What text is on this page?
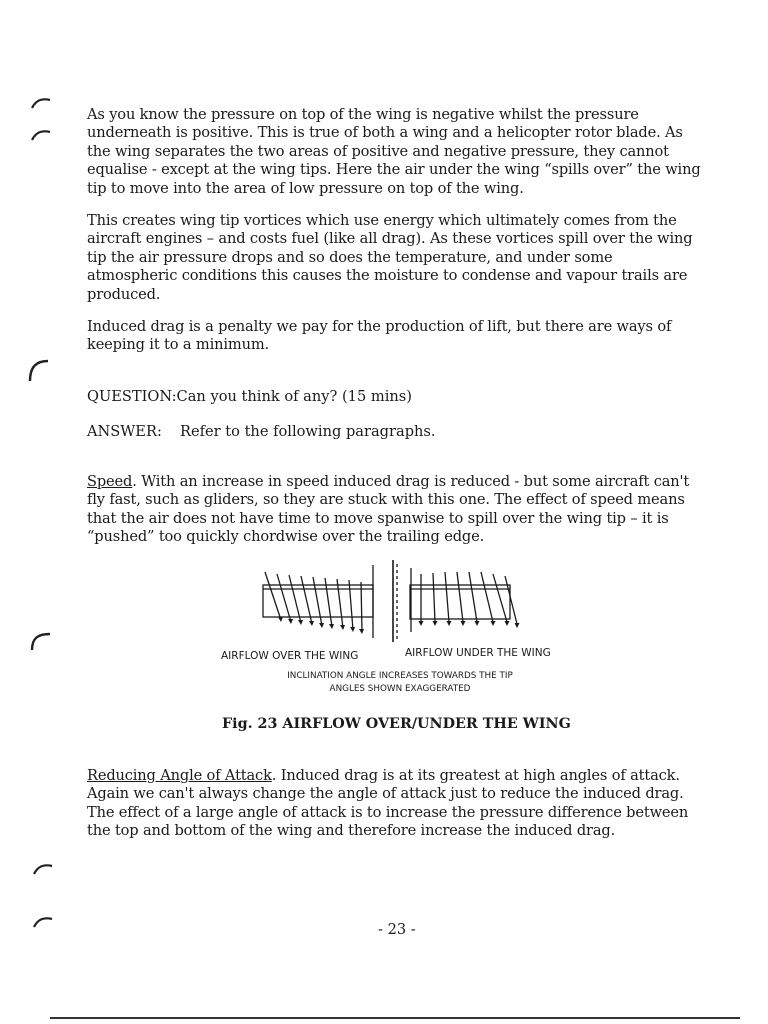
As you know the pressure on top of the wing is negative whilst the pressure underneath is positive. This is true of both a wing and a helicopter rotor blade. As the wing separates the two areas of positive and negative pressure, they cannot equalise - except at the wing tips. Here the air under the wing “spills over” the wing tip to move into the area of low pressure on top of the wing.

This creates wing tip vortices which use energy which ultimately comes from the aircraft engines – and costs fuel (like all drag). As these vortices spill over the wing tip the air pressure drops and so does the temperature, and under some atmospheric conditions this causes the moisture to condense and vapour trails are produced.

Induced drag is a penalty we pay for the production of lift, but there are ways of keeping it to a minimum.

QUESTION:Can you think of any? (15 mins)

ANSWER: Refer to the following paragraphs.

Speed. With an increase in speed induced drag is reduced - but some aircraft can't fly fast, such as gliders, so they are stuck with this one. The effect of speed means that the air does not have time to move spanwise to spill over the wing tip – it is “pushed” too quickly chordwise over the trailing edge.

AIRFLOW OVER THE WING	AIRFLOW UNDER THE WING

INCLINATION ANGLE INCREASES TOWARDS THE TIP

ANGLES SHOWN EXAGGERATED

Fig. 23 AIRFLOW OVER/UNDER THE WING

Reducing Angle of Attack. Induced drag is at its greatest at high angles of attack. Again we can't always change the angle of attack just to reduce the induced drag. The effect of a large angle of attack is to increase the pressure difference between the top and bottom of the wing and therefore increase the induced drag.

- 23 -
